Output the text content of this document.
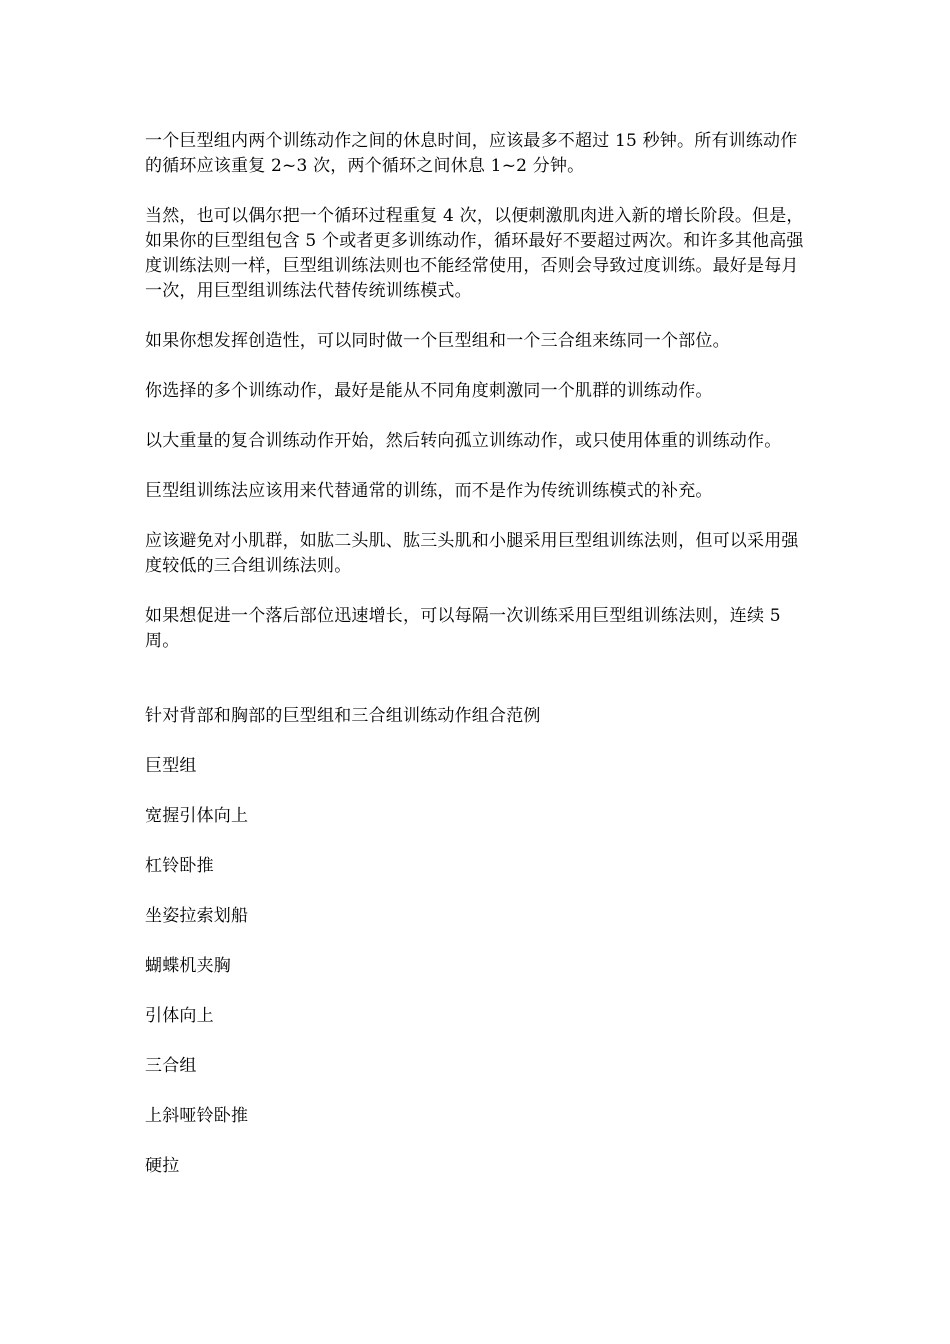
一个巨型组内两个训练动作之间的休息时间，应该最多不超过 15 秒钟。所有训练动作的循环应该重复 2~3 次，两个循环之间休息 1~2 分钟。

当然，也可以偶尔把一个循环过程重复 4 次，以便刺激肌肉进入新的增长阶段。但是，如果你的巨型组包含 5 个或者更多训练动作，循环最好不要超过两次。和许多其他高强度训练法则一样，巨型组训练法则也不能经常使用，否则会导致过度训练。最好是每月一次，用巨型组训练法代替传统训练模式。

如果你想发挥创造性，可以同时做一个巨型组和一个三合组来练同一个部位。

你选择的多个训练动作，最好是能从不同角度刺激同一个肌群的训练动作。

以大重量的复合训练动作开始，然后转向孤立训练动作，或只使用体重的训练动作。

巨型组训练法应该用来代替通常的训练，而不是作为传统训练模式的补充。

应该避免对小肌群，如肱二头肌、肱三头肌和小腿采用巨型组训练法则，但可以采用强度较低的三合组训练法则。

如果想促进一个落后部位迅速增长，可以每隔一次训练采用巨型组训练法则，连续 5 周。

针对背部和胸部的巨型组和三合组训练动作组合范例

巨型组

宽握引体向上

杠铃卧推

坐姿拉索划船

蝴蝶机夹胸

引体向上

三合组

上斜哑铃卧推

硬拉
